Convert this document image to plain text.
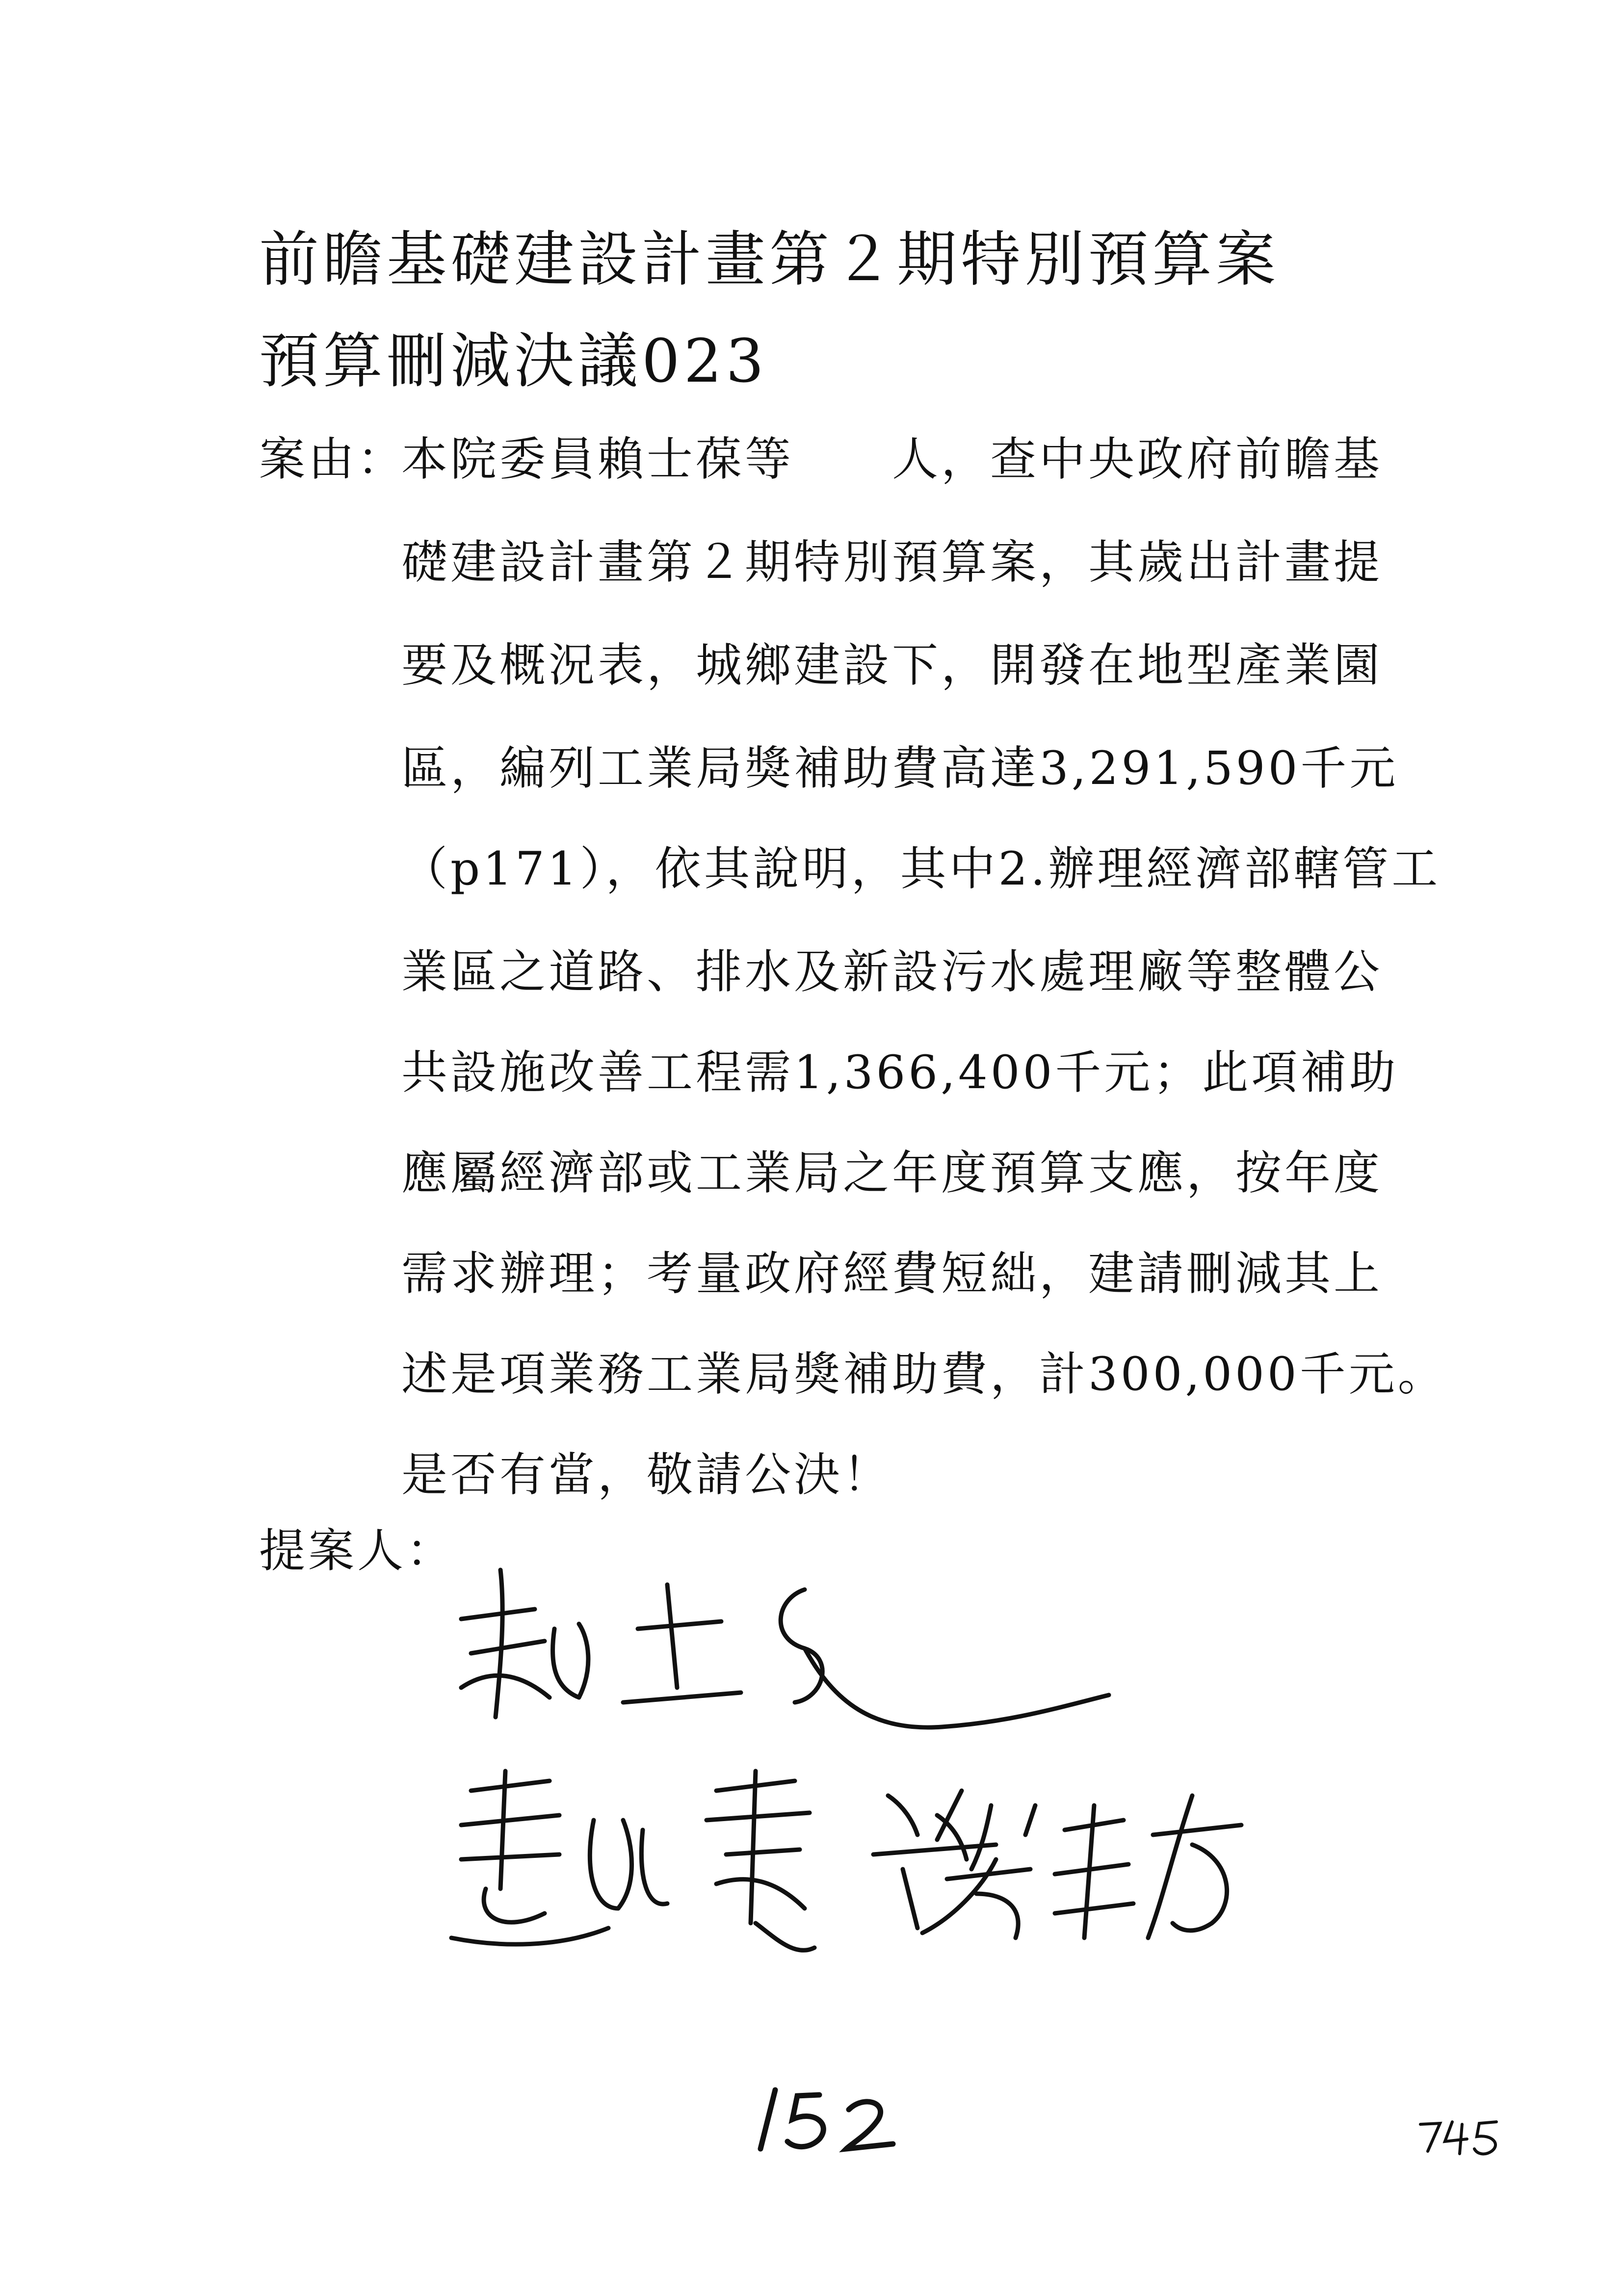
前瞻基礎建設計畫第２期特別預算案
預算刪減決議023
案由：
本院委員賴士葆等　　人，查中央政府前瞻基
礎建設計畫第２期特別預算案，其歲出計畫提
要及概況表，城鄉建設下，開發在地型產業園
區，編列工業局獎補助費高達3,291,590千元
（p171），依其說明，其中2.辦理經濟部轄管工
業區之道路、排水及新設污水處理廠等整體公
共設施改善工程需1,366,400千元；此項補助
應屬經濟部或工業局之年度預算支應，按年度
需求辦理；考量政府經費短絀，建請刪減其上
述是項業務工業局獎補助費，計300,000千元。
是否有當，敬請公決！
提案人：
